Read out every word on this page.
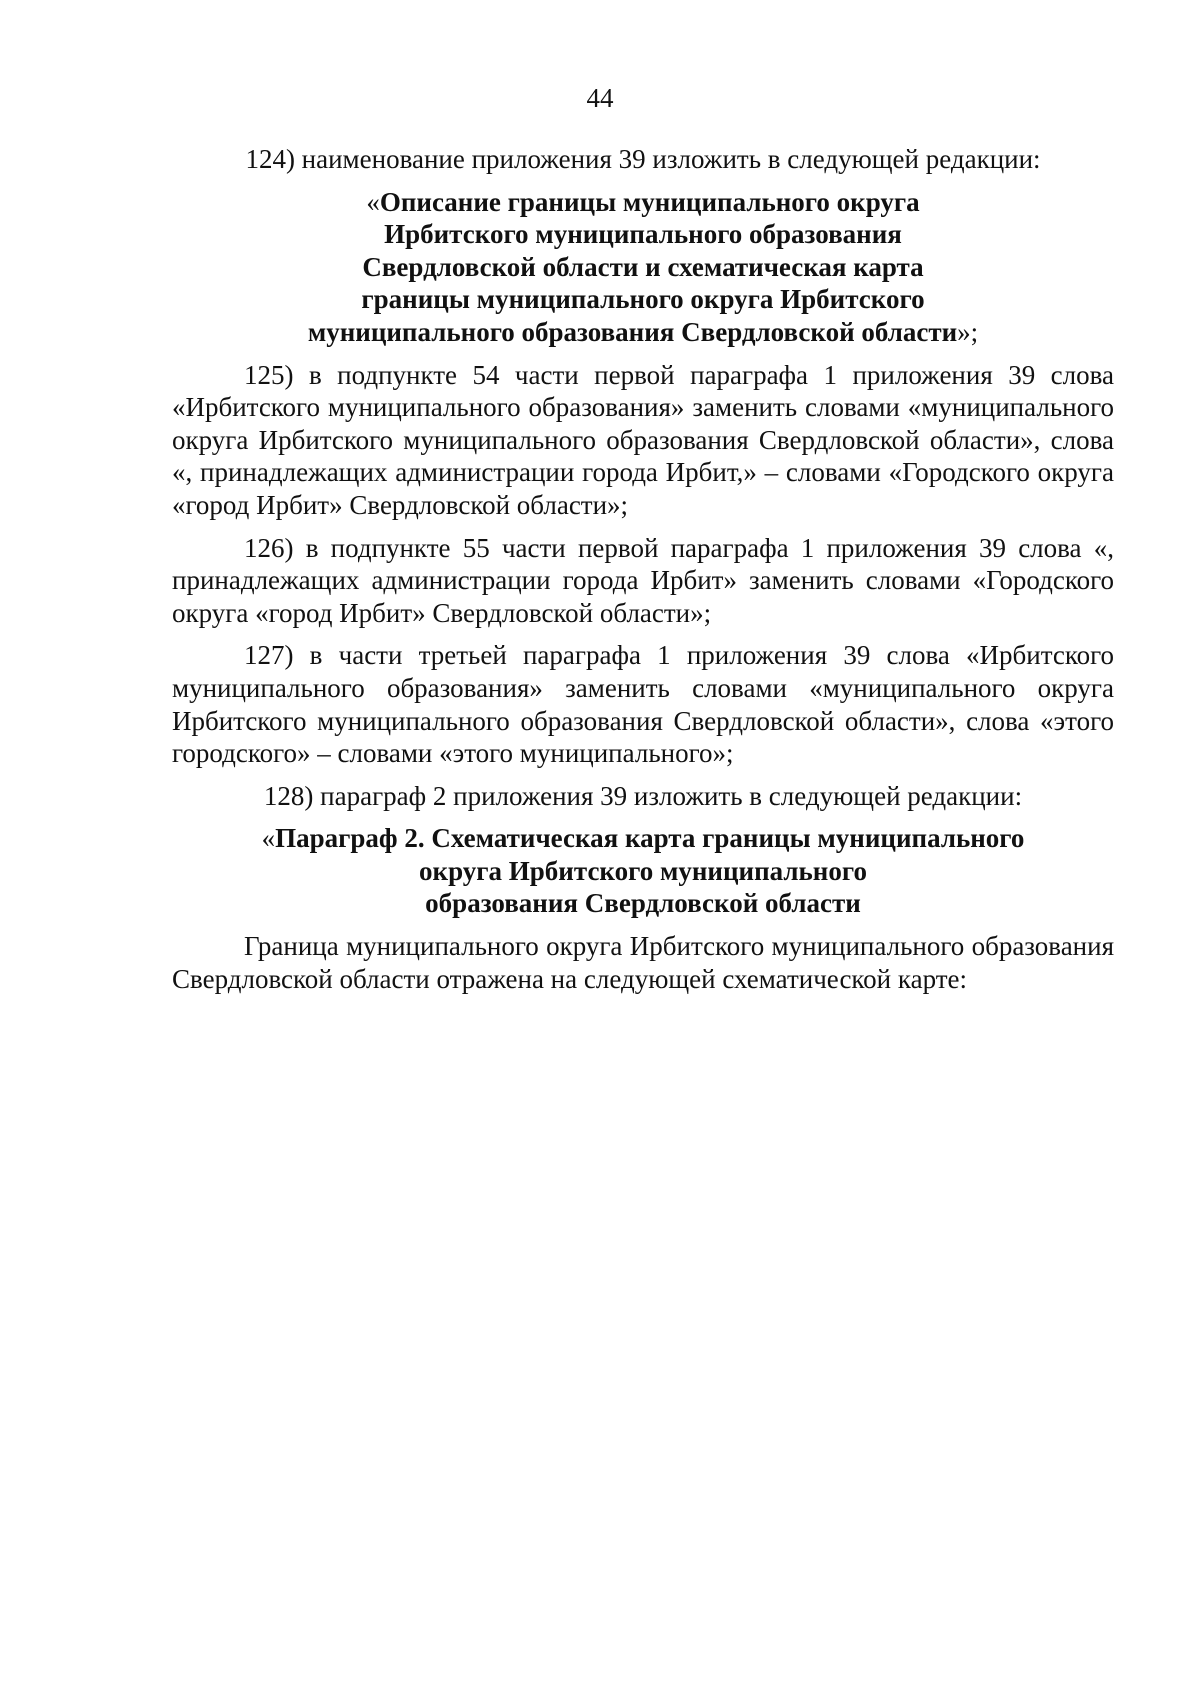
44

124) наименование приложения 39 изложить в следующей редакции:

«Описание границы муниципального округа
Ирбитского муниципального образования
Свердловской области и схематическая карта
границы муниципального округа Ирбитского
муниципального образования Свердловской области»;

125) в подпункте 54 части первой параграфа 1 приложения 39 слова «Ирбитского муниципального образования» заменить словами «муниципального округа Ирбитского муниципального образования Свердловской области», слова «, принадлежащих администрации города Ирбит,» – словами «Городского округа «город Ирбит» Свердловской области»;

126) в подпункте 55 части первой параграфа 1 приложения 39 слова «, принадлежащих администрации города Ирбит» заменить словами «Городского округа «город Ирбит» Свердловской области»;

127) в части третьей параграфа 1 приложения 39 слова «Ирбитского муниципального образования» заменить словами «муниципального округа Ирбитского муниципального образования Свердловской области», слова «этого городского» – словами «этого муниципального»;

128) параграф 2 приложения 39 изложить в следующей редакции:

«Параграф 2. Схематическая карта границы муниципального
округа Ирбитского муниципального
образования Свердловской области

Граница муниципального округа Ирбитского муниципального образования Свердловской области отражена на следующей схематической карте:
